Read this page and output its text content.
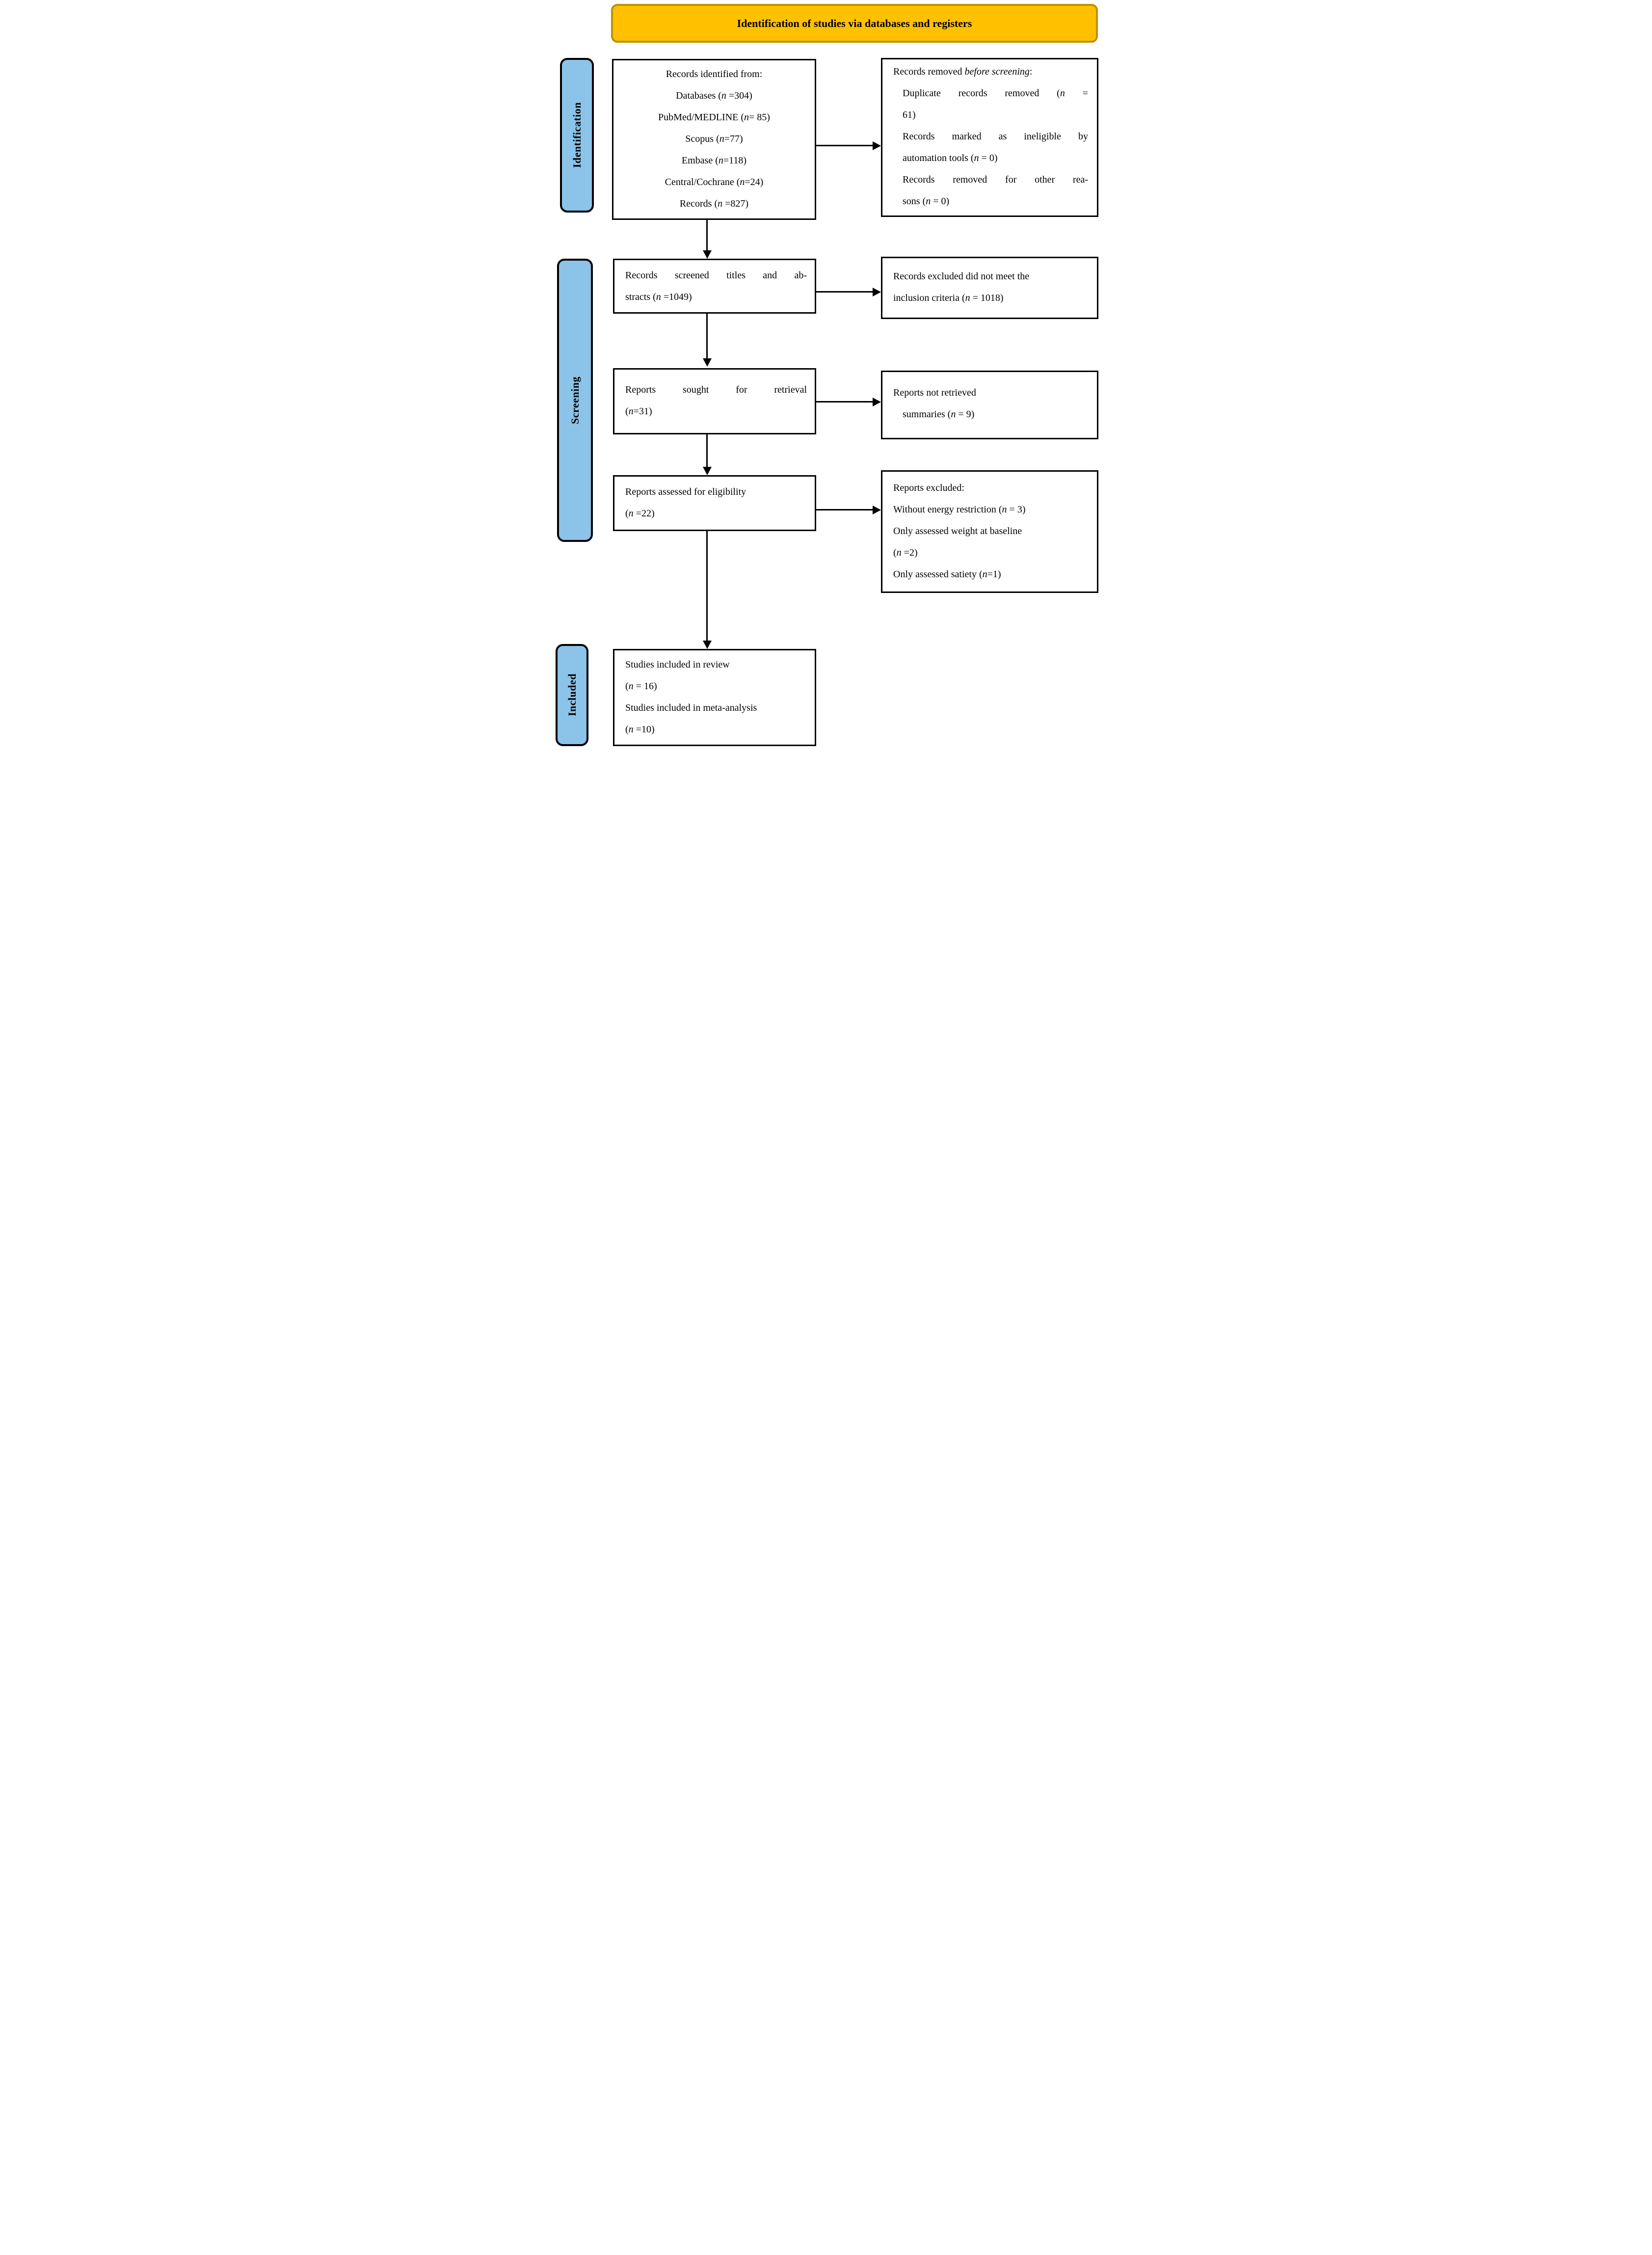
Identification of studies via databases and registers
Identification
Screening
Included
Records identified from:
Databases (n =304)
PubMed/MEDLINE (n= 85)
Scopus (n=77)
Embase (n=118)
Central/Cochrane (n=24)
Records (n =827)
Records removed before screening:
Duplicate records removed (n =
61)
Records marked as ineligible by
automation tools (n = 0)
Records removed for other rea-
sons (n = 0)
Records screened titles and ab-
stracts (n =1049)
Records excluded did not meet the
inclusion criteria (n = 1018)
Reports sought for retrieval
(n=31)
Reports not retrieved
summaries (n = 9)
Reports assessed for eligibility
(n =22)
Reports excluded:
Without energy restriction (n = 3)
Only assessed weight at baseline
(n =2)
Only assessed satiety (n=1)
Studies included in review
(n = 16)
Studies included in meta-analysis
(n =10)
